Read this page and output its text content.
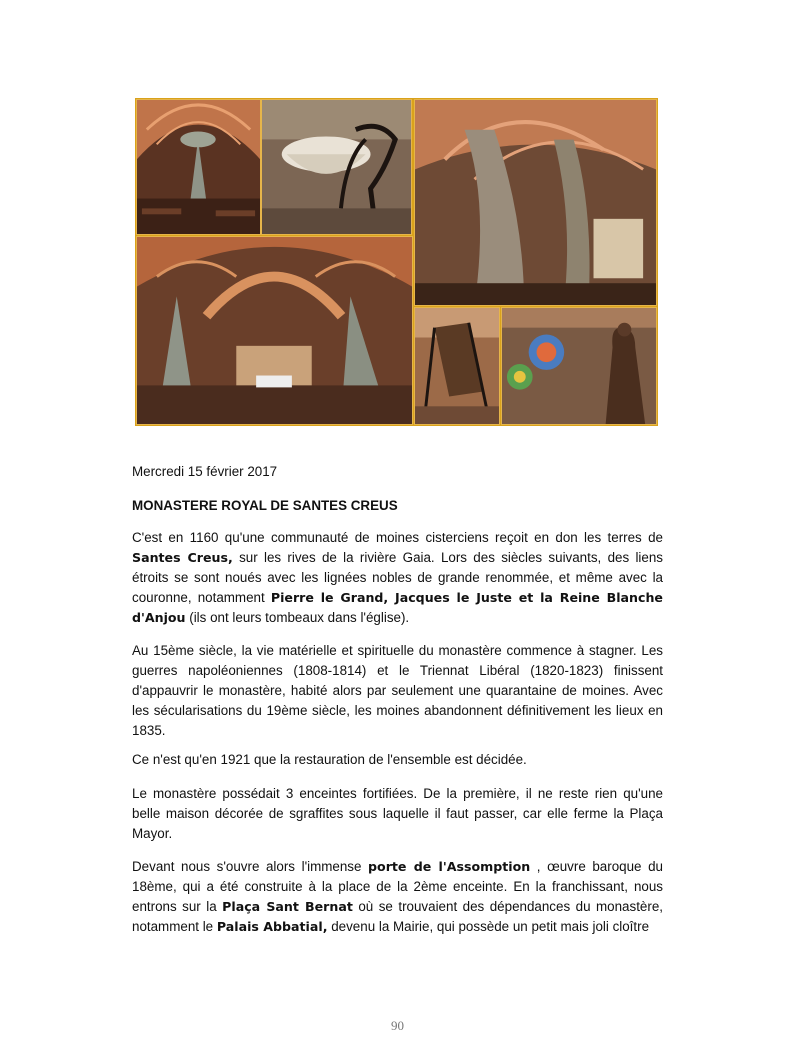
Mercredi 15 février 2017
MONASTERE ROYAL DE SANTES CREUS

C'est en 1160 qu'une communauté de moines cisterciens reçoit en don les terres de Santes Creus, sur les rives de la rivière Gaia. Lors des siècles suivants, des liens étroits se sont noués avec les lignées nobles de grande renommée, et même avec la couronne, notamment Pierre le Grand, Jacques le Juste et la Reine Blanche d'Anjou (ils ont leurs tombeaux dans l'église).

Au 15ème siècle, la vie matérielle et spirituelle du monastère commence à stagner. Les guerres napoléoniennes (1808-1814) et le Triennat Libéral (1820-1823) finissent d'appauvrir le monastère, habité alors par seulement une quarantaine de moines. Avec les sécularisations du 19ème siècle, les moines abandonnent définitivement les lieux en 1835.

Ce n'est qu'en 1921 que la restauration de l'ensemble est décidée.

Le monastère possédait 3 enceintes fortifiées. De la première, il ne reste rien qu'une belle maison décorée de sgraffites sous laquelle il faut passer, car elle ferme la Plaça Mayor.

Devant nous s'ouvre alors l'immense porte de l'Assomption , œuvre baroque du 18ème, qui a été construite à la place de la 2ème enceinte. En la franchissant, nous entrons sur la Plaça Sant Bernat où se trouvaient des dépendances du monastère, notamment le Palais Abbatial, devenu la Mairie, qui possède un petit mais joli cloître

90
